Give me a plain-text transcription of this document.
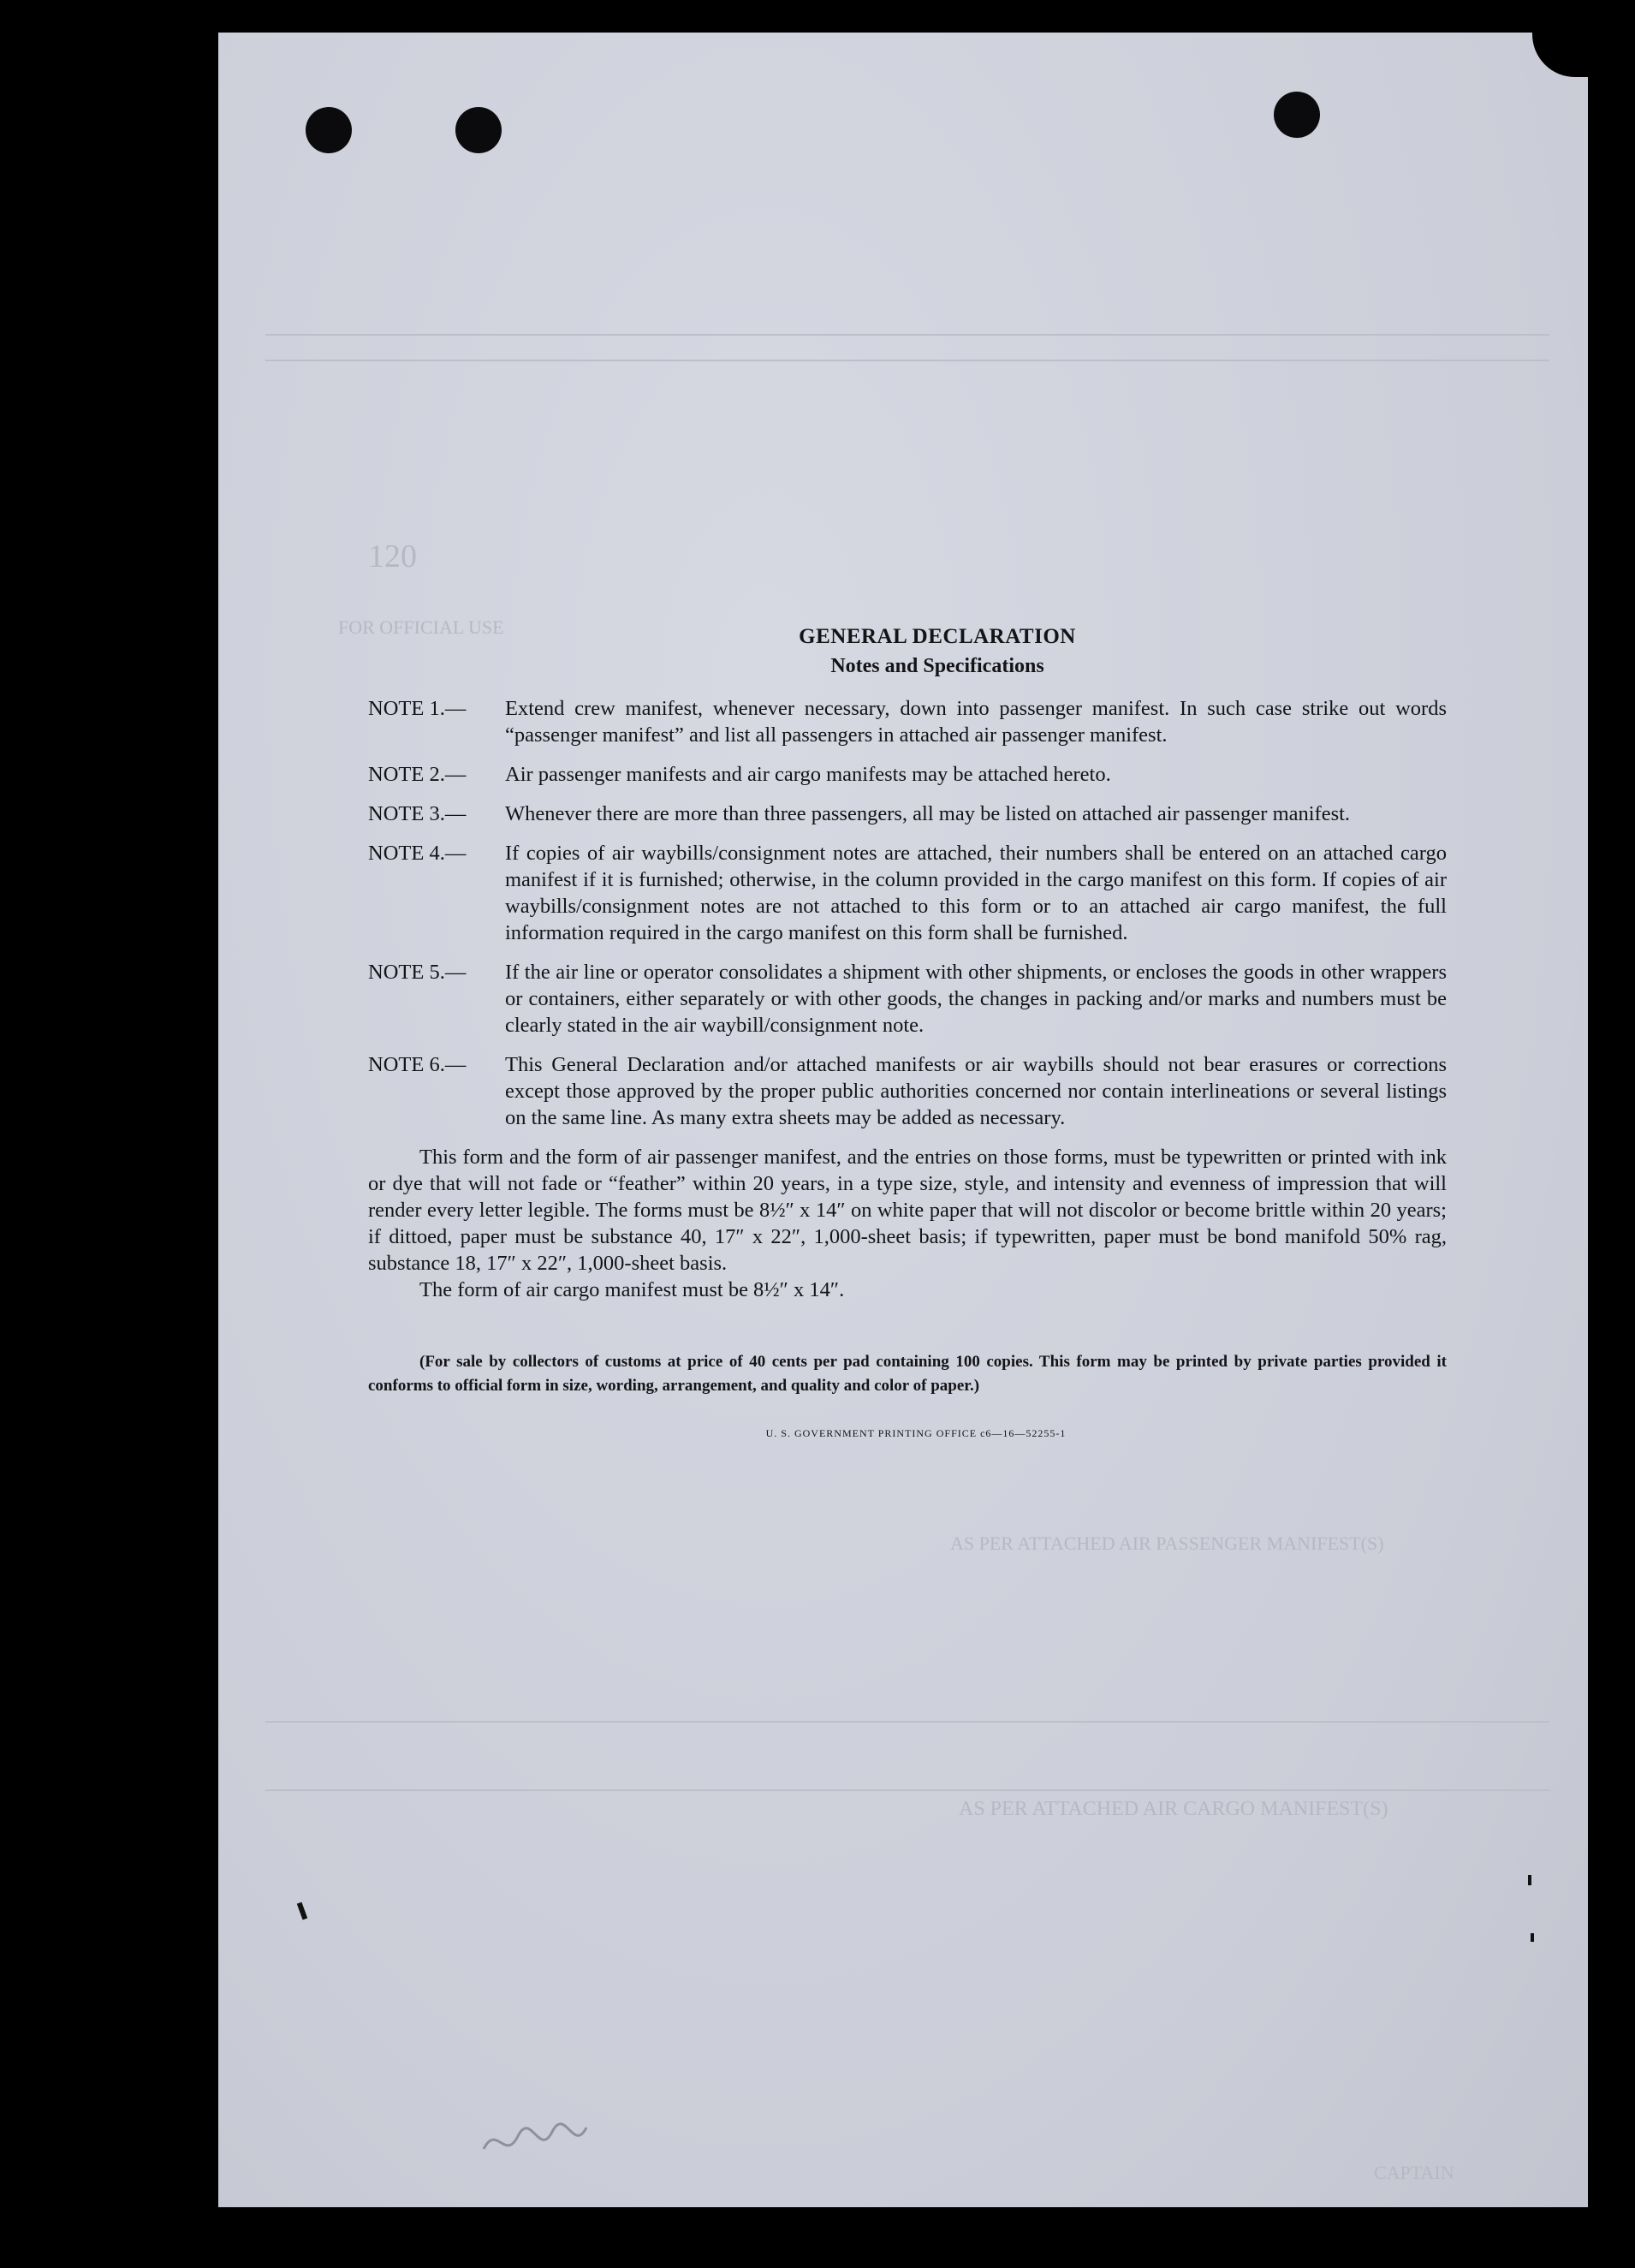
120
FOR OFFICIAL USE
AS PER ATTACHED AIR CARGO MANIFEST(S)
AS PER ATTACHED AIR PASSENGER MANIFEST(S)
CAPTAIN
GENERAL DECLARATION
Notes and Specifications
NOTE 1.—	Extend crew manifest, whenever necessary, down into passenger manifest. In such case strike out words “passenger manifest” and list all passengers in attached air passenger manifest.
NOTE 2.—	Air passenger manifests and air cargo manifests may be attached hereto.
NOTE 3.—	Whenever there are more than three passengers, all may be listed on attached air passenger manifest.
NOTE 4.—	If copies of air waybills/consignment notes are attached, their numbers shall be entered on an attached cargo manifest if it is furnished; otherwise, in the column provided in the cargo manifest on this form. If copies of air waybills/consignment notes are not attached to this form or to an attached air cargo manifest, the full information required in the cargo manifest on this form shall be furnished.
NOTE 5.—	If the air line or operator consolidates a shipment with other shipments, or encloses the goods in other wrappers or containers, either separately or with other goods, the changes in packing and/or marks and numbers must be clearly stated in the air waybill/consignment note.
NOTE 6.—	This General Declaration and/or attached manifests or air waybills should not bear erasures or corrections except those approved by the proper public authorities concerned nor contain interlineations or several listings on the same line. As many extra sheets may be added as necessary.
This form and the form of air passenger manifest, and the entries on those forms, must be typewritten or printed with ink or dye that will not fade or “feather” within 20 years, in a type size, style, and intensity and evenness of impression that will render every letter legible. The forms must be 8½″ x 14″ on white paper that will not discolor or become brittle within 20 years; if dittoed, paper must be substance 40, 17″ x 22″, 1,000-sheet basis; if typewritten, paper must be bond manifold 50% rag, substance 18, 17″ x 22″, 1,000-sheet basis.
The form of air cargo manifest must be 8½″ x 14″.
(For sale by collectors of customs at price of 40 cents per pad containing 100 copies. This form may be printed by private parties provided it conforms to official form in size, wording, arrangement, and quality and color of paper.)
U. S. GOVERNMENT PRINTING OFFICE c6—16—52255-1
